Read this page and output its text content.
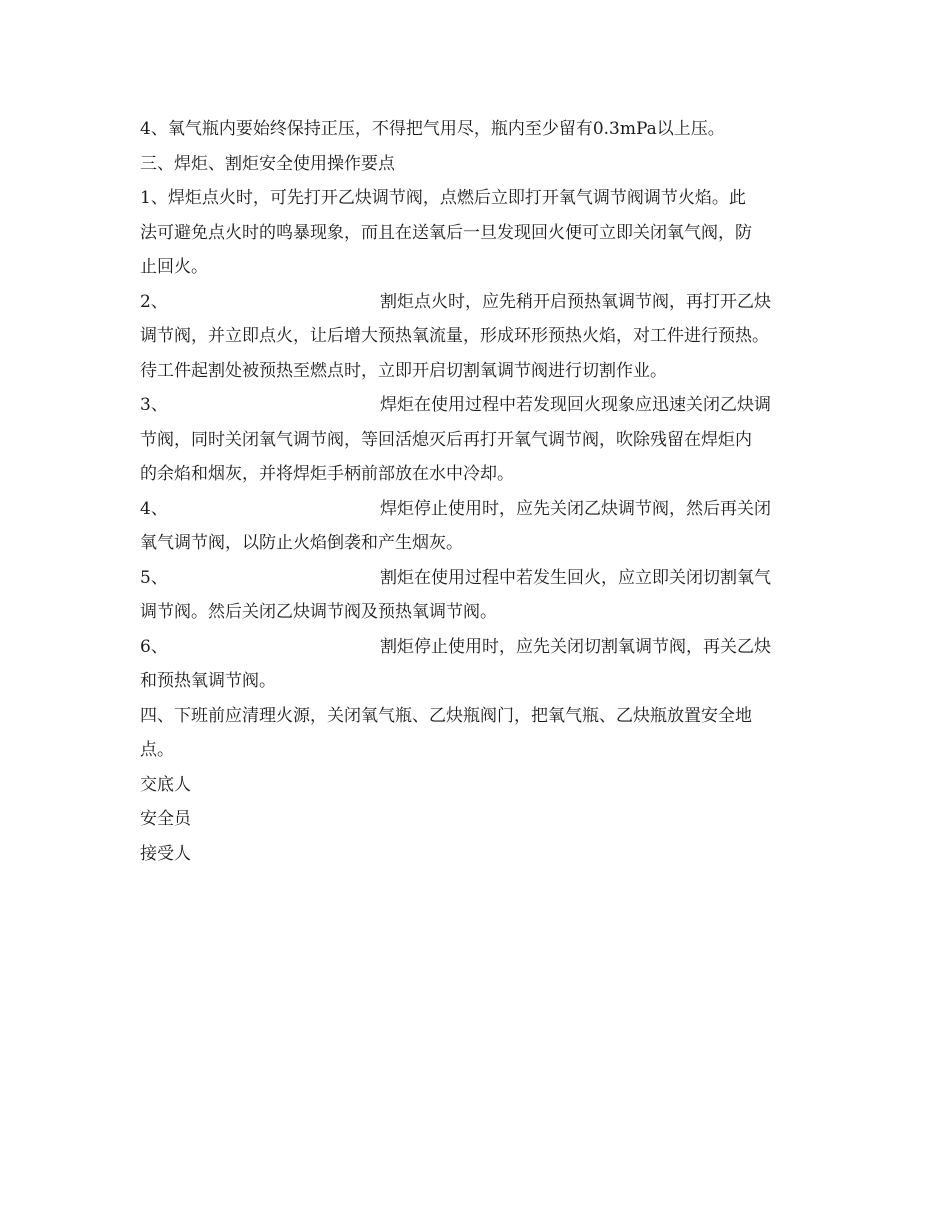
4、氧气瓶内要始终保持正压，不得把气用尽，瓶内至少留有0.3mPa以上压。

三、焊炬、割炬安全使用操作要点

1、焊炬点火时，可先打开乙炔调节阀，点燃后立即打开氧气调节阀调节火焰。此

法可避免点火时的鸣暴现象，而且在送氧后一旦发现回火便可立即关闭氧气阀，防

止回火。

2、	割炬点火时，应先稍开启预热氧调节阀，再打开乙炔

调节阀，并立即点火，让后增大预热氧流量，形成环形预热火焰，对工件进行预热。

待工件起割处被预热至燃点时，立即开启切割氧调节阀进行切割作业。

3、	焊炬在使用过程中若发现回火现象应迅速关闭乙炔调

节阀，同时关闭氧气调节阀，等回活熄灭后再打开氧气调节阀，吹除残留在焊炬内

的余焰和烟灰，并将焊炬手柄前部放在水中冷却。

4、	焊炬停止使用时，应先关闭乙炔调节阀，然后再关闭

氧气调节阀，以防止火焰倒袭和产生烟灰。

5、	割炬在使用过程中若发生回火，应立即关闭切割氧气

调节阀。然后关闭乙炔调节阀及预热氧调节阀。

6、	割炬停止使用时，应先关闭切割氧调节阀，再关乙炔

和预热氧调节阀。

四、下班前应清理火源，关闭氧气瓶、乙炔瓶阀门，把氧气瓶、乙炔瓶放置安全地

点。

交底人

安全员

接受人
